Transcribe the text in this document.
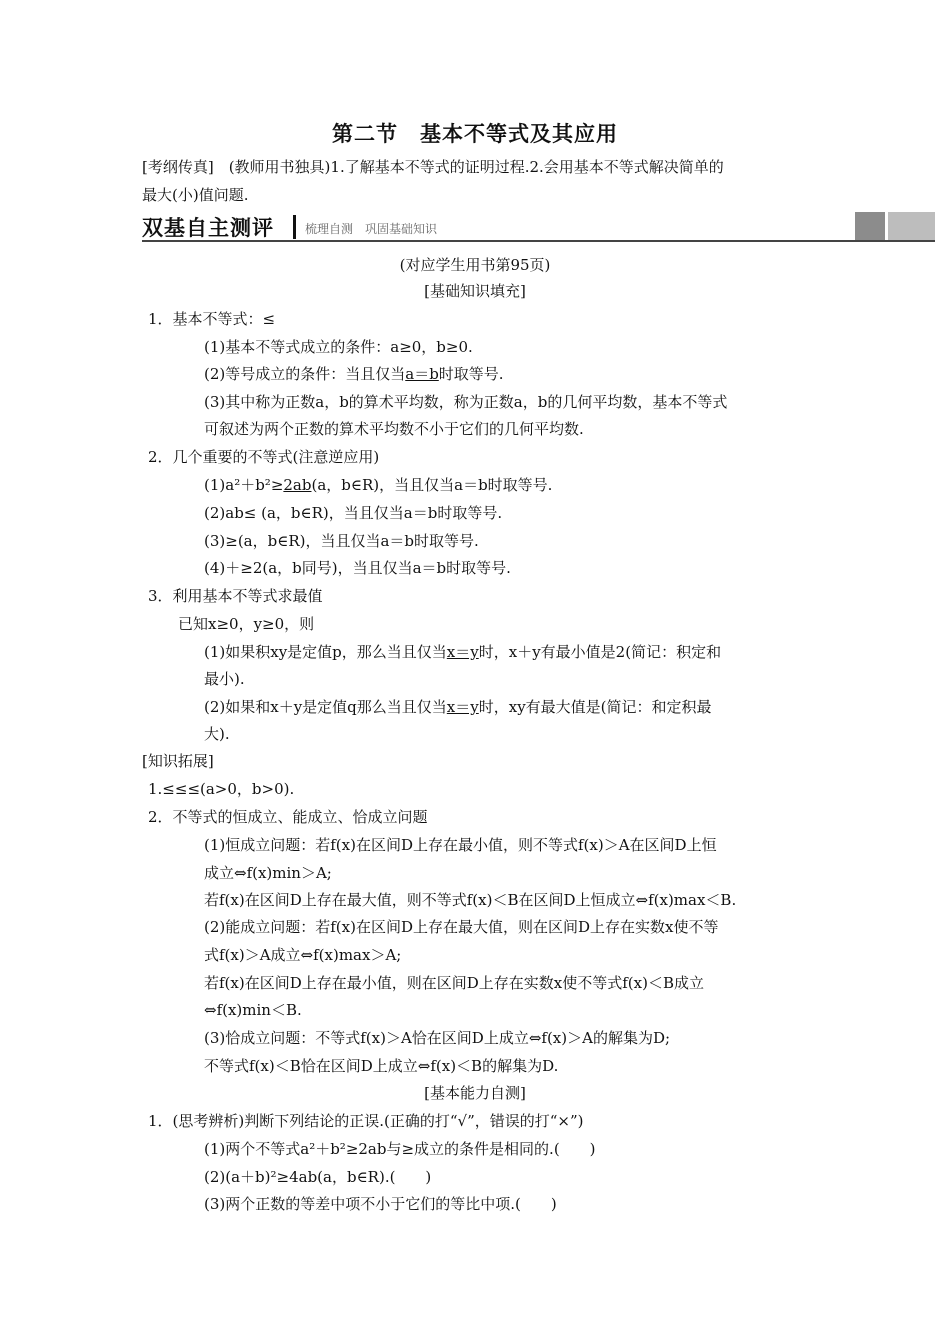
第二节　基本不等式及其应用
[考纲传真]　(教师用书独具)1.了解基本不等式的证明过程.2.会用基本不等式解决简单的
最大(小)值问题.
双基自主测评	梳理自测　巩固基础知识
(对应学生用书第95页)
[基础知识填充]
1．基本不等式：≤
(1)基本不等式成立的条件：a≥0，b≥0.
(2)等号成立的条件：当且仅当a＝b时取等号.
(3)其中称为正数a，b的算术平均数，称为正数a，b的几何平均数，基本不等式
可叙述为两个正数的算术平均数不小于它们的几何平均数.
2．几个重要的不等式(注意逆应用)
(1)a²＋b²≥2ab(a，b∈R)，当且仅当a＝b时取等号.
(2)ab≤ (a，b∈R)，当且仅当a＝b时取等号.
(3)≥(a，b∈R)，当且仅当a＝b时取等号.
(4)＋≥2(a，b同号)，当且仅当a＝b时取等号.
3．利用基本不等式求最值
已知x≥0，y≥0，则
(1)如果积xy是定值p，那么当且仅当x＝y时，x＋y有最小值是2(简记：积定和
最小).
(2)如果和x＋y是定值q那么当且仅当x＝y时，xy有最大值是(简记：和定积最
大).
[知识拓展]
1.≤≤≤(a>0，b>0).
2．不等式的恒成立、能成立、恰成立问题
(1)恒成立问题：若f(x)在区间D上存在最小值，则不等式f(x)＞A在区间D上恒
成立⇔f(x)min＞A;
若f(x)在区间D上存在最大值，则不等式f(x)＜B在区间D上恒成立⇔f(x)max＜B.
(2)能成立问题：若f(x)在区间D上存在最大值，则在区间D上存在实数x使不等
式f(x)＞A成立⇔f(x)max＞A;
若f(x)在区间D上存在最小值，则在区间D上存在实数x使不等式f(x)＜B成立
⇔f(x)min＜B.
(3)恰成立问题：不等式f(x)＞A恰在区间D上成立⇔f(x)＞A的解集为D;
不等式f(x)＜B恰在区间D上成立⇔f(x)＜B的解集为D.
[基本能力自测]
1．(思考辨析)判断下列结论的正误.(正确的打“√”，错误的打“×”)
(1)两个不等式a²＋b²≥2ab与≥成立的条件是相同的.(　　)
(2)(a＋b)²≥4ab(a，b∈R).(　　)
(3)两个正数的等差中项不小于它们的等比中项.(　　)
